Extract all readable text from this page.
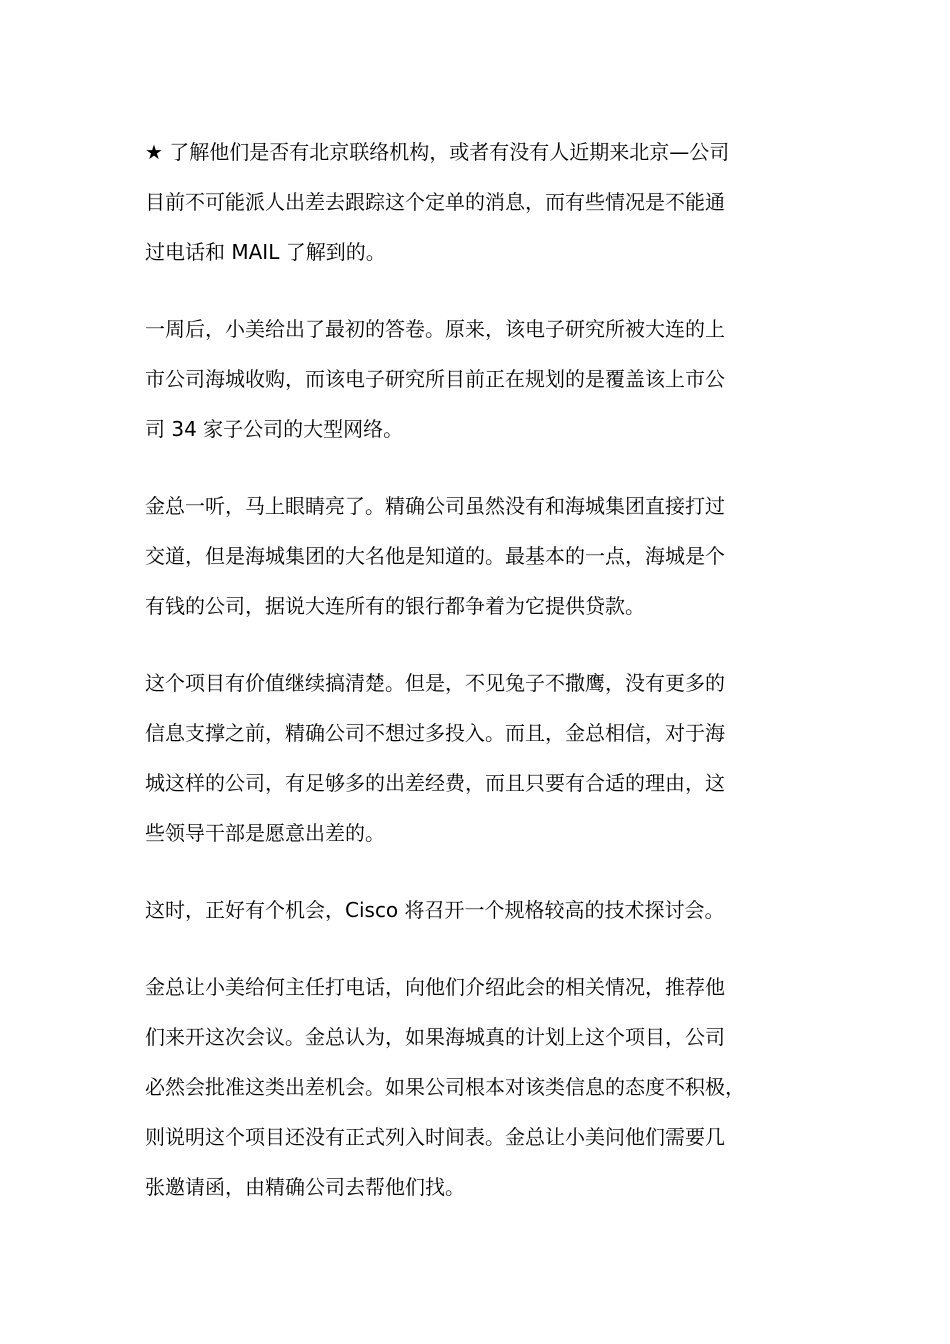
★ 了解他们是否有北京联络机构，或者有没有人近期来北京—公司
目前不可能派人出差去跟踪这个定单的消息，而有些情况是不能通
过电话和 MAIL 了解到的。

一周后，小美给出了最初的答卷。原来，该电子研究所被大连的上
市公司海城收购，而该电子研究所目前正在规划的是覆盖该上市公
司 34 家子公司的大型网络。

金总一听，马上眼睛亮了。精确公司虽然没有和海城集团直接打过
交道，但是海城集团的大名他是知道的。最基本的一点，海城是个
有钱的公司，据说大连所有的银行都争着为它提供贷款。

这个项目有价值继续搞清楚。但是，不见兔子不撒鹰，没有更多的
信息支撑之前，精确公司不想过多投入。而且，金总相信，对于海
城这样的公司，有足够多的出差经费，而且只要有合适的理由，这
些领导干部是愿意出差的。

这时，正好有个机会，Cisco 将召开一个规格较高的技术探讨会。

金总让小美给何主任打电话，向他们介绍此会的相关情况，推荐他
们来开这次会议。金总认为，如果海城真的计划上这个项目，公司
必然会批准这类出差机会。如果公司根本对该类信息的态度不积极，
则说明这个项目还没有正式列入时间表。金总让小美问他们需要几
张邀请函，由精确公司去帮他们找。
